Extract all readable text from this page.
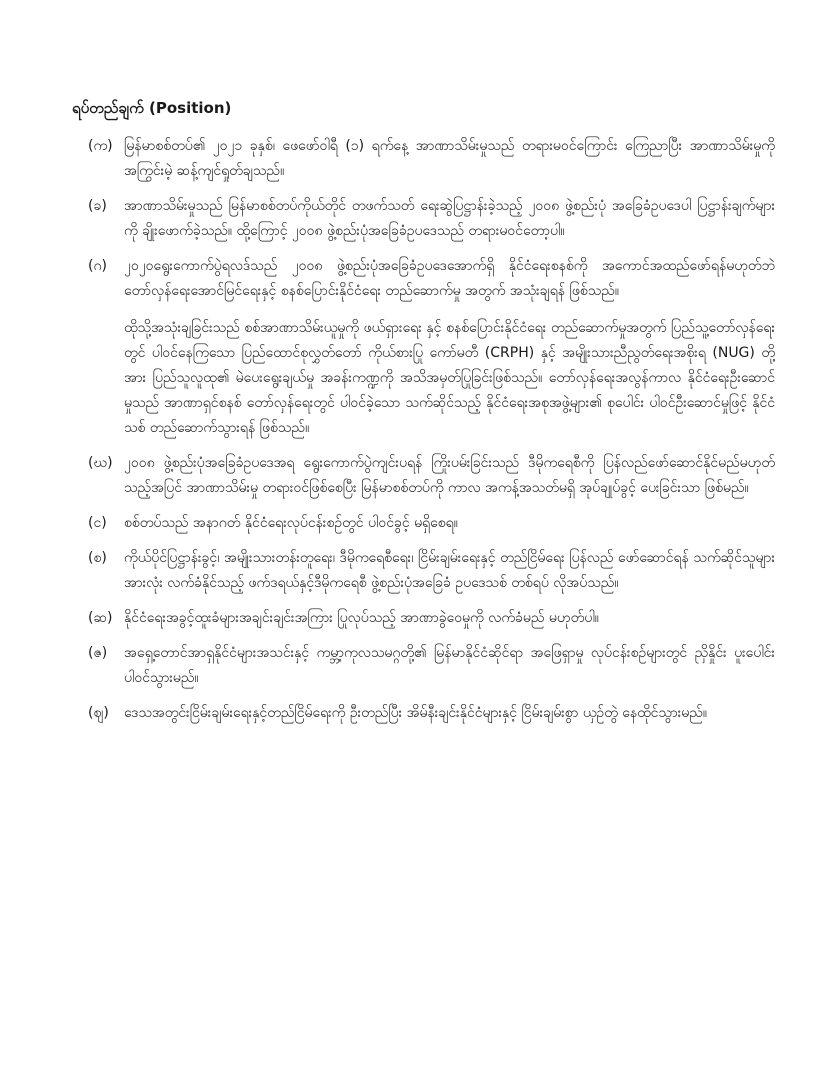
ရပ်တည်ချက် (Position)
(က) မြန်မာစစ်တပ်၏ ၂၀၂၁ ခုနှစ်၊ ဖေဖော်ဝါရီ (၁) ရက်နေ့ အာဏာသိမ်းမှုသည် တရားမဝင်ကြောင်း ကြေညာပြီး အာဏာသိမ်းမှုကို အကြွင်းမဲ့ ဆန့်ကျင်ရှုတ်ချသည်။

(ခ)	အာဏာသိမ်းမှုသည် မြန်မာစစ်တပ်ကိုယ်တိုင် တဖက်သတ် ရေးဆွဲပြဋ္ဌာန်းခဲ့သည့် ၂၀၀၈ ဖွဲ့စည်းပုံ အခြေခံဥပဒေပါ ပြဋ္ဌာန်းချက်များကို ချိုးဖောက်ခဲ့သည်။ ထို့ကြောင့် ၂၀၀၈ ဖွဲ့စည်းပုံအခြေခံဥပဒေသည် တရားမဝင်တော့ပါ။

(ဂ)	၂၀၂၀ရွေးကောက်ပွဲရလဒ်သည် ၂၀၀၈ ဖွဲ့စည်းပုံအခြေခံဥပဒေအောက်ရှိ နိုင်ငံရေးစနစ်ကို အကောင်အထည်ဖော်ရန်မဟုတ်ဘဲ တော်လှန်ရေးအောင်မြင်ရေးနှင့် စနစ်ပြောင်းနိုင်ငံရေး တည်ဆောက်မှု အတွက် အသုံးချရန် ဖြစ်သည်။

ထိုသို့အသုံးချခြင်းသည် စစ်အာဏာသိမ်းယူမှုကို ဖယ်ရှားရေး နှင့် စနစ်ပြောင်းနိုင်ငံရေး တည်ဆောက်မှုအတွက် ပြည်သူ့တော်လှန်ရေးတွင် ပါဝင်နေကြသော ပြည်ထောင်စုလွှတ်တော် ကိုယ်စားပြု ကော်မတီ (CRPH) နှင့် အမျိုးသားညီညွတ်ရေးအစိုးရ (NUG) တို့အား ပြည်သူလူထု၏ မဲပေးရွေးချယ်မှု အခန်းကဏ္ဍကို အသိအမှတ်ပြုခြင်းဖြစ်သည်။ တော်လှန်ရေးအလွန်ကာလ နိုင်ငံရေးဦးဆောင်မှုသည် အာဏာရှင်စနစ် တော်လှန်ရေးတွင် ပါဝင်ခဲ့သော သက်ဆိုင်သည့် နိုင်ငံရေးအစုအဖွဲ့များ၏ စုပေါင်း ပါဝင်ဦးဆောင်မှုဖြင့် နိုင်ငံသစ် တည်ဆောက်သွားရန် ဖြစ်သည်။

(ဃ) ၂၀၀၈ ဖွဲ့စည်းပုံအခြေခံဥပဒေအရ ရွေးကောက်ပွဲကျင်းပရန် ကြိုးပမ်းခြင်းသည် ဒီမိုကရေစီကို ပြန်လည်ဖော်ဆောင်နိုင်မည်မဟုတ်သည့်အပြင် အာဏာသိမ်းမှု တရားဝင်ဖြစ်စေပြီး မြန်မာစစ်တပ်ကို ကာလ အကန့်အသတ်မရှိ အုပ်ချုပ်ခွင့် ပေးခြင်းသာ ဖြစ်မည်။

(င)	စစ်တပ်သည် အနာဂတ် နိုင်ငံရေးလုပ်ငန်းစဉ်တွင် ပါဝင်ခွင့် မရှိစေရ။

(စ)	ကိုယ်ပိုင်ပြဋ္ဌာန်းခွင့်၊ အမျိုးသားတန်းတူရေး၊ ဒီမိုကရေစီရေး၊ ငြိမ်းချမ်းရေးနှင့် တည်ငြိမ်ရေး ပြန်လည် ဖော်ဆောင်ရန် သက်ဆိုင်သူများအားလုံး လက်ခံနိုင်သည့် ဖက်ဒရယ်နှင့်ဒီမိုကရေစီ ဖွဲ့စည်းပုံအခြေခံ ဥပဒေသစ် တစ်ရပ် လိုအပ်သည်။

(ဆ) နိုင်ငံရေးအခွင့်ထူးခံများအချင်းချင်းအကြား ပြုလုပ်သည့် အာဏာခွဲဝေမှုကို လက်ခံမည် မဟုတ်ပါ။

(ဇ)	အရှေ့တောင်အာရှနိုင်ငံများအသင်းနှင့် ကမ္ဘာ့ကုလသမဂ္ဂတို့၏ မြန်မာနိုင်ငံဆိုင်ရာ အဖြေရှာမှု လုပ်ငန်းစဉ်များတွင် ညှိနှိုင်း ပူးပေါင်းပါဝင်သွားမည်။

(ဈ)	ဒေသအတွင်းငြိမ်းချမ်းရေးနှင့်တည်ငြိမ်ရေးကို ဦးတည်ပြီး အိမ်နီးချင်းနိုင်ငံများနှင့် ငြိမ်းချမ်းစွာ ယှဉ်တွဲ နေထိုင်သွားမည်။
